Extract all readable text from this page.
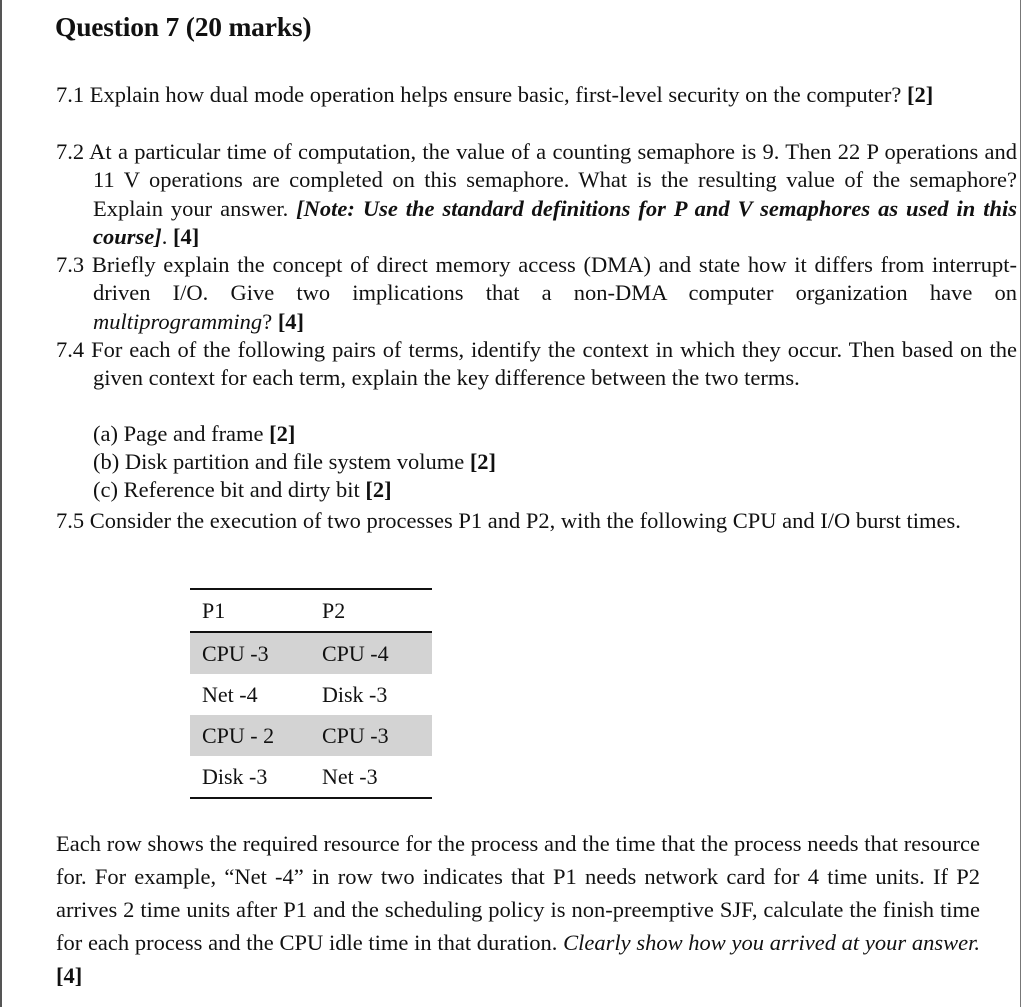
Question 7 (20 marks)
7.1 Explain how dual mode operation helps ensure basic, first-level security on the computer? [2]
7.2 At a particular time of computation, the value of a counting semaphore is 9. Then 22 P operations and 11 V operations are completed on this semaphore. What is the resulting value of the semaphore? Explain your answer. [Note: Use the standard definitions for P and V semaphores as used in this course]. [4]
7.3 Briefly explain the concept of direct memory access (DMA) and state how it differs from interrupt-driven I/O. Give two implications that a non-DMA computer organization have on multiprogramming? [4]
7.4 For each of the following pairs of terms, identify the context in which they occur. Then based on the given context for each term, explain the key difference between the two terms.
(a) Page and frame [2]
(b) Disk partition and file system volume [2]
(c) Reference bit and dirty bit [2]
7.5 Consider the execution of two processes P1 and P2, with the following CPU and I/O burst times.
P1	P2
CPU -3	CPU -4
Net -4	Disk -3
CPU - 2	CPU -3
Disk -3	Net -3
Each row shows the required resource for the process and the time that the process needs that resource for. For example, “Net -4” in row two indicates that P1 needs network card for 4 time units. If P2 arrives 2 time units after P1 and the scheduling policy is non-preemptive SJF, calculate the finish time for each process and the CPU idle time in that duration. Clearly show how you arrived at your answer. [4]
